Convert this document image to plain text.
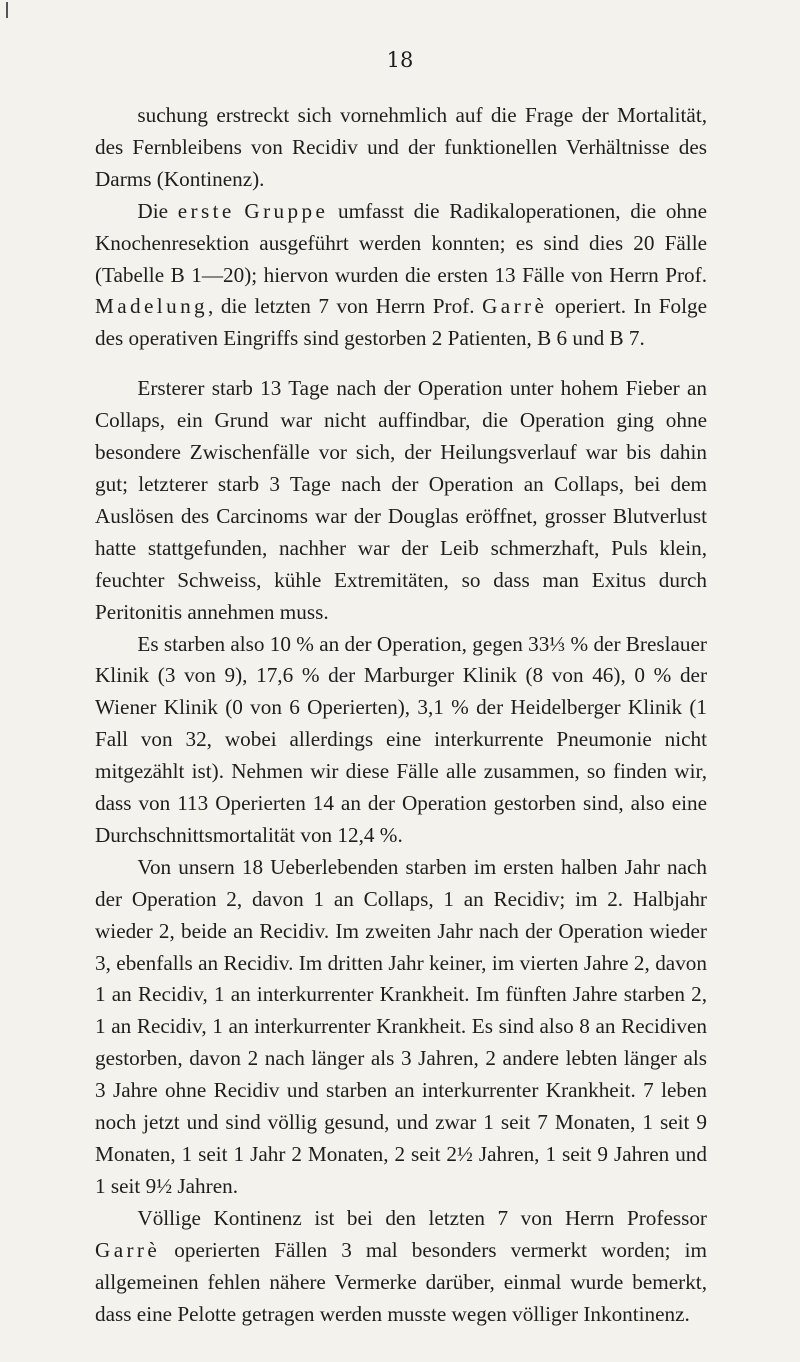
18

suchung erstreckt sich vornehmlich auf die Frage der Mortalität, des Fernbleibens von Recidiv und der funktionellen Verhältnisse des Darms (Kontinenz).

Die erste Gruppe umfasst die Radikaloperationen, die ohne Knochenresektion ausgeführt werden konnten; es sind dies 20 Fälle (Tabelle B 1—20); hiervon wurden die ersten 13 Fälle von Herrn Prof. Madelung, die letzten 7 von Herrn Prof. Garrè operiert. In Folge des operativen Eingriffs sind gestorben 2 Patienten, B 6 und B 7.

Ersterer starb 13 Tage nach der Operation unter hohem Fieber an Collaps, ein Grund war nicht auffindbar, die Operation ging ohne besondere Zwischenfälle vor sich, der Heilungsverlauf war bis dahin gut; letzterer starb 3 Tage nach der Operation an Collaps, bei dem Auslösen des Carcinoms war der Douglas eröffnet, grosser Blutverlust hatte stattgefunden, nachher war der Leib schmerzhaft, Puls klein, feuchter Schweiss, kühle Extremitäten, so dass man Exitus durch Peritonitis annehmen muss.

Es starben also 10 % an der Operation, gegen 33⅓ % der Breslauer Klinik (3 von 9), 17,6 % der Marburger Klinik (8 von 46), 0 % der Wiener Klinik (0 von 6 Operierten), 3,1 % der Heidelberger Klinik (1 Fall von 32, wobei allerdings eine interkurrente Pneumonie nicht mitgezählt ist). Nehmen wir diese Fälle alle zusammen, so finden wir, dass von 113 Operierten 14 an der Operation gestorben sind, also eine Durchschnittsmortalität von 12,4 %.

Von unsern 18 Ueberlebenden starben im ersten halben Jahr nach der Operation 2, davon 1 an Collaps, 1 an Recidiv; im 2. Halbjahr wieder 2, beide an Recidiv. Im zweiten Jahr nach der Operation wieder 3, ebenfalls an Recidiv. Im dritten Jahr keiner, im vierten Jahre 2, davon 1 an Recidiv, 1 an interkurrenter Krankheit. Im fünften Jahre starben 2, 1 an Recidiv, 1 an interkurrenter Krankheit. Es sind also 8 an Recidiven gestorben, davon 2 nach länger als 3 Jahren, 2 andere lebten länger als 3 Jahre ohne Recidiv und starben an interkurrenter Krankheit. 7 leben noch jetzt und sind völlig gesund, und zwar 1 seit 7 Monaten, 1 seit 9 Monaten, 1 seit 1 Jahr 2 Monaten, 2 seit 2½ Jahren, 1 seit 9 Jahren und 1 seit 9½ Jahren.

Völlige Kontinenz ist bei den letzten 7 von Herrn Professor Garrè operierten Fällen 3 mal besonders vermerkt worden; im allgemeinen fehlen nähere Vermerke darüber, einmal wurde bemerkt, dass eine Pelotte getragen werden musste wegen völliger Inkontinenz.
